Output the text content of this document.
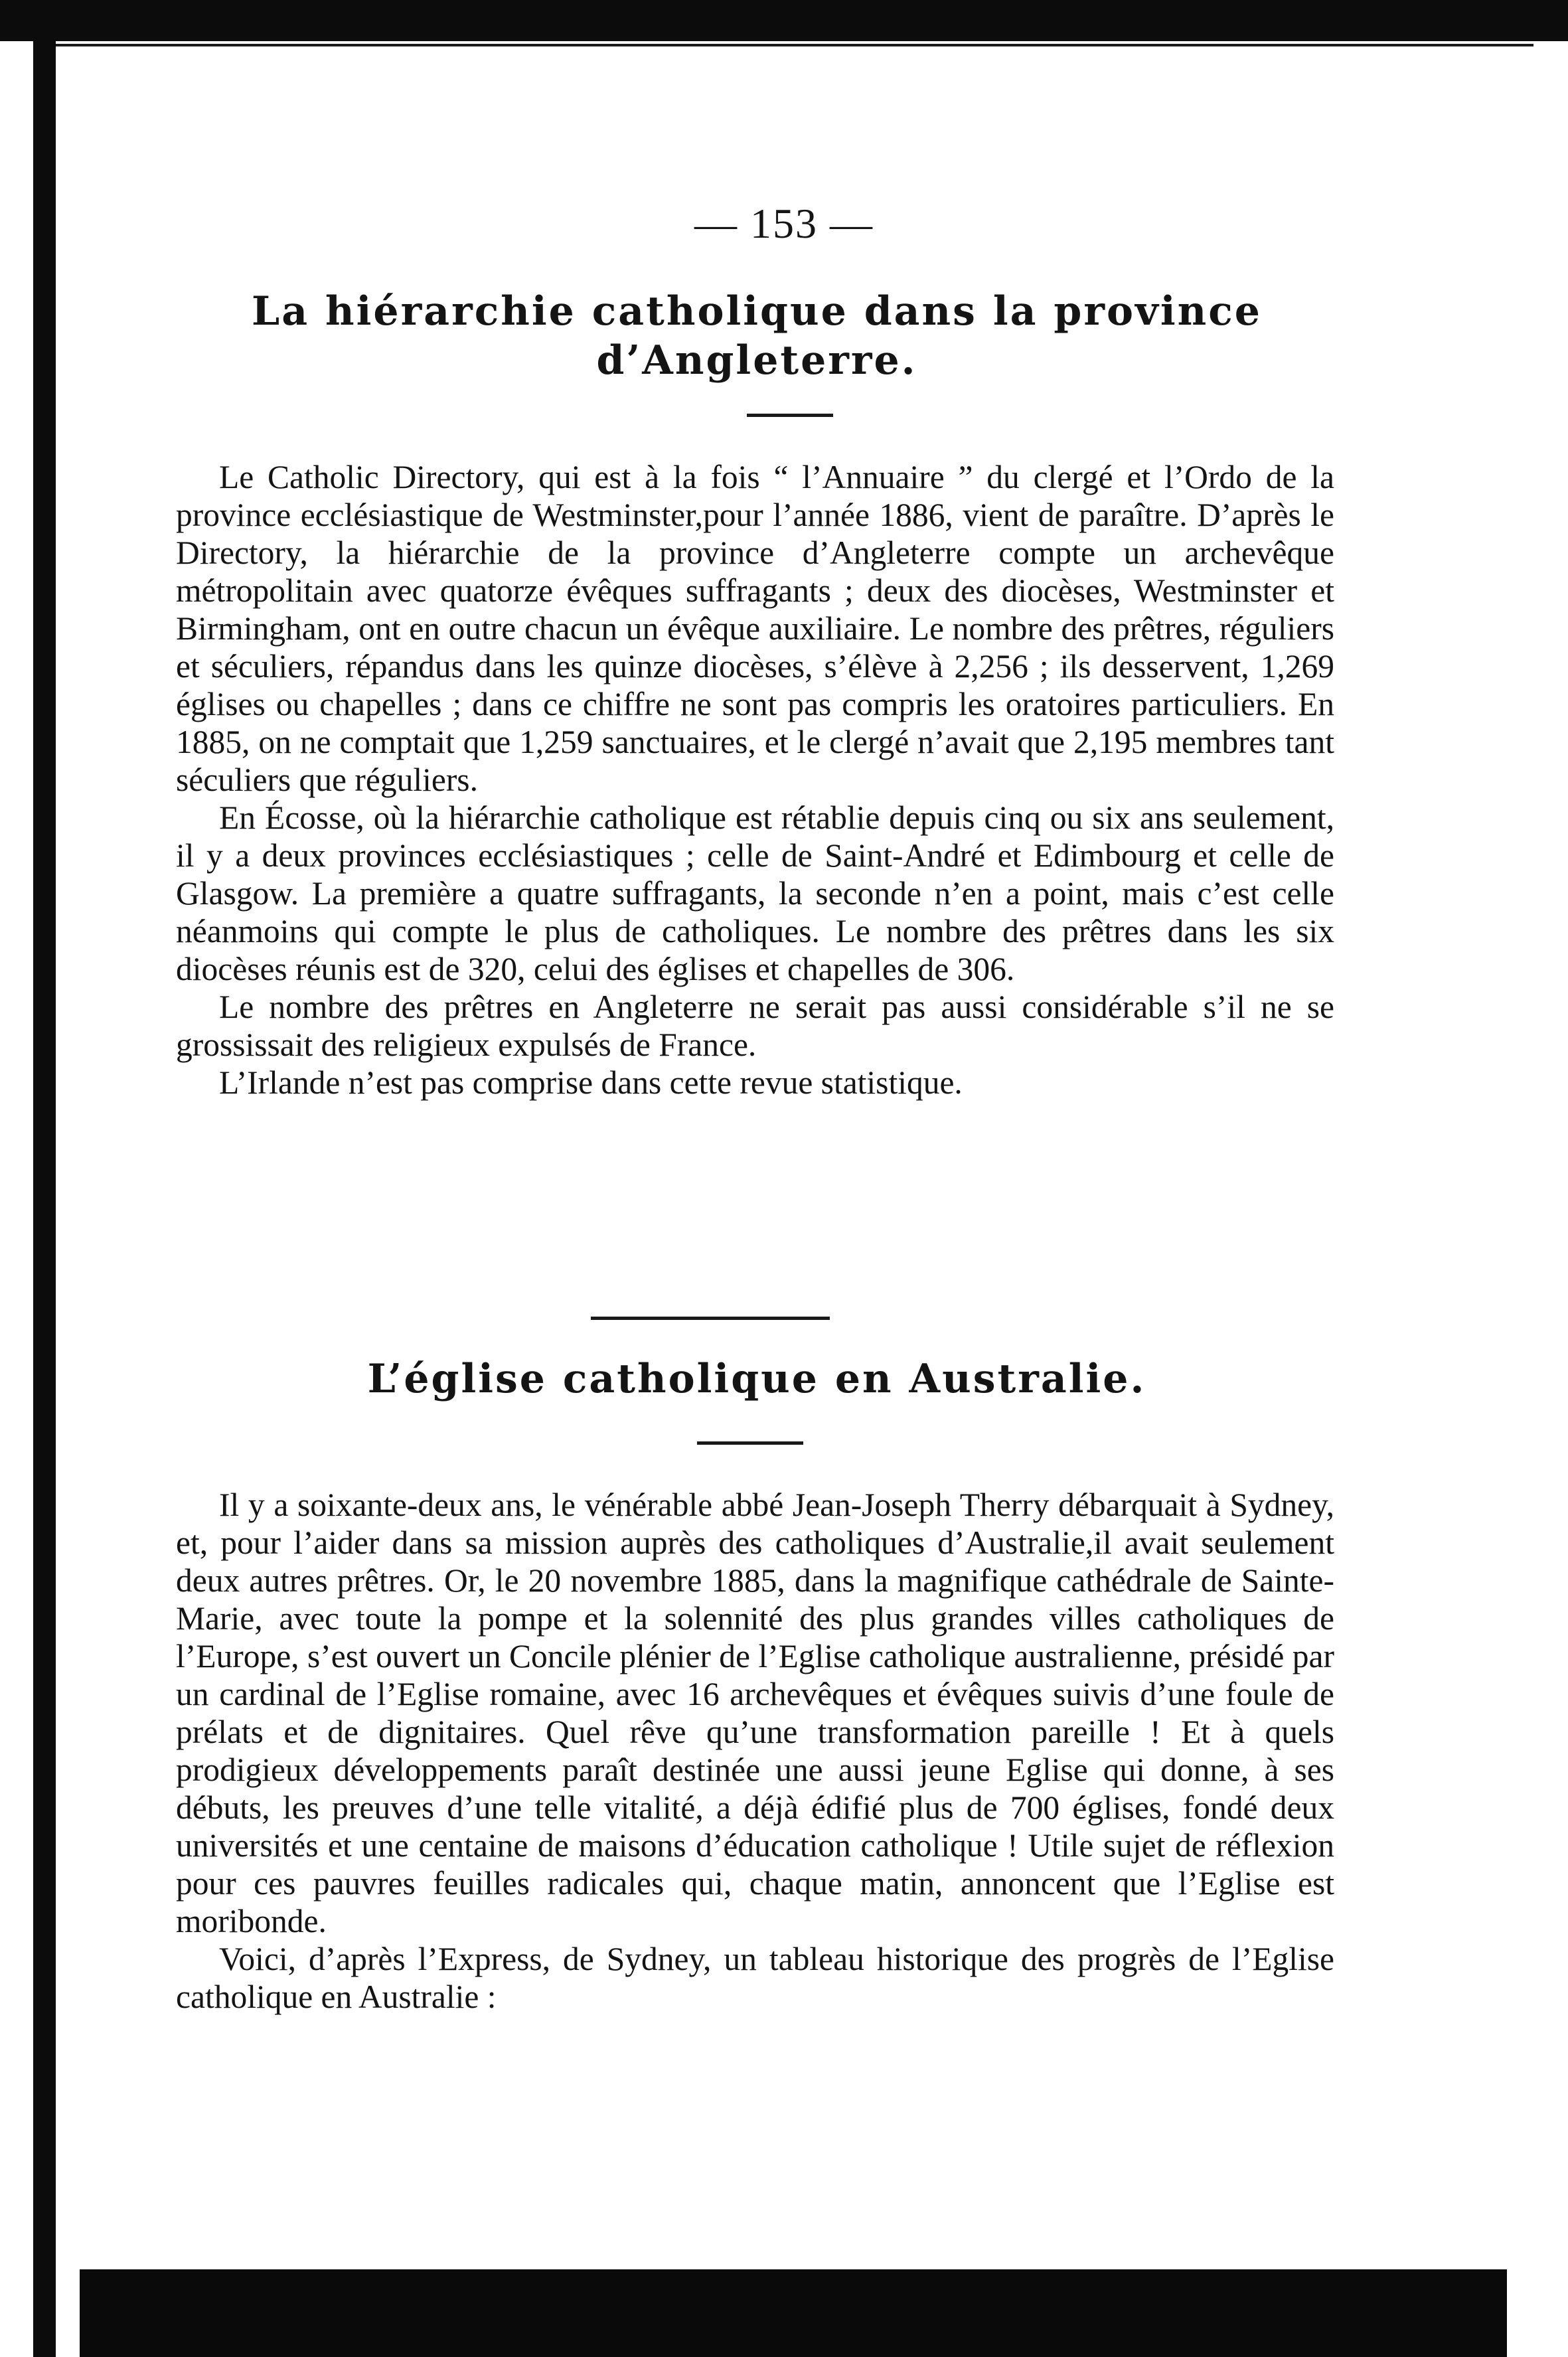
— 153 —
La hiérarchie catholique dans la province d’Angleterre.

Le Catholic Directory, qui est à la fois “ l’Annuaire ” du clergé et l’Ordo de la province ecclésiastique de Westminster,pour l’année 1886, vient de paraître. D’après le Directory, la hiérarchie de la province d’Angleterre compte un archevêque métropolitain avec quatorze évêques suffragants ; deux des diocèses, Westminster et Birmingham, ont en outre chacun un évêque auxiliaire. Le nombre des prêtres, réguliers et séculiers, répandus dans les quinze diocèses, s’élève à 2,256 ; ils desservent, 1,269 églises ou chapelles ; dans ce chiffre ne sont pas compris les oratoires particuliers. En 1885, on ne comptait que 1,259 sanctuaires, et le clergé n’avait que 2,195 membres tant séculiers que réguliers.

En Écosse, où la hiérarchie catholique est rétablie depuis cinq ou six ans seulement, il y a deux provinces ecclésiastiques ; celle de Saint-André et Edimbourg et celle de Glasgow. La première a quatre suffragants, la seconde n’en a point, mais c’est celle néanmoins qui compte le plus de catholiques. Le nombre des prêtres dans les six diocèses réunis est de 320, celui des églises et chapelles de 306.

Le nombre des prêtres en Angleterre ne serait pas aussi considérable s’il ne se grossissait des religieux expulsés de France.

L’Irlande n’est pas comprise dans cette revue statistique.

L’église catholique en Australie.

Il y a soixante-deux ans, le vénérable abbé Jean-Joseph Therry débarquait à Sydney, et, pour l’aider dans sa mission auprès des catholiques d’Australie,il avait seulement deux autres prêtres. Or, le 20 novembre 1885, dans la magnifique cathédrale de Sainte-Marie, avec toute la pompe et la solennité des plus grandes villes catholiques de l’Europe, s’est ouvert un Concile plénier de l’Eglise catholique australienne, présidé par un cardinal de l’Eglise romaine, avec 16 archevêques et évêques suivis d’une foule de prélats et de dignitaires. Quel rêve qu’une transformation pareille ! Et à quels prodigieux développements paraît destinée une aussi jeune Eglise qui donne, à ses débuts, les preuves d’une telle vitalité, a déjà édifié plus de 700 églises, fondé deux universités et une centaine de maisons d’éducation catholique ! Utile sujet de réflexion pour ces pauvres feuilles radicales qui, chaque matin, annoncent que l’Eglise est moribonde.

Voici, d’après l’Express, de Sydney, un tableau historique des progrès de l’Eglise catholique en Australie :
